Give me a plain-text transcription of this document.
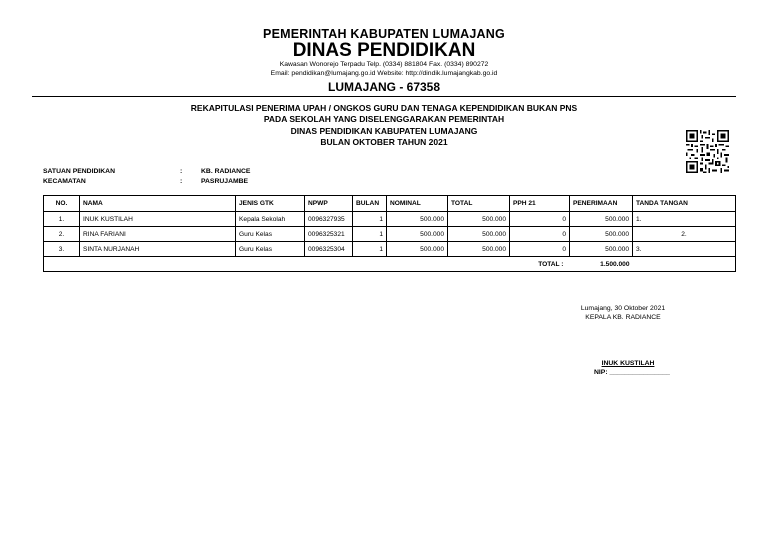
PEMERINTAH KABUPATEN LUMAJANG
DINAS PENDIDIKAN
Kawasan Wonorejo Terpadu Telp. (0334) 881804 Fax. (0334) 890272
Email: pendidikan@lumajang.go.id Website: http://dindik.lumajangkab.go.id
LUMAJANG - 67358
REKAPITULASI PENERIMA UPAH / ONGKOS GURU DAN TENAGA KEPENDIDIKAN BUKAN PNS
PADA SEKOLAH YANG DISELENGGARAKAN PEMERINTAH
DINAS PENDIDIKAN KABUPATEN LUMAJANG
BULAN OKTOBER TAHUN 2021
SATUAN PENDIDIKAN	:	KB. RADIANCE
KECAMATAN	:	PASRUJAMBE
NO.	NAMA	JENIS GTK	NPWP	BULAN	NOMINAL	TOTAL	PPH 21	PENERIMAAN	TANDA TANGAN
1.	INUK KUSTILAH	Kepala Sekolah	0096327935	1	500.000	500.000	0	500.000	1.
2.	RINA FARIANI	Guru Kelas	0096325321	1	500.000	500.000	0	500.000	2.
3.	SINTA NURJANAH	Guru Kelas	0096325304	1	500.000	500.000	0	500.000	3.
TOTAL :								1.500.000	
Lumajang, 30 Oktober 2021
KEPALA KB. RADIANCE
INUK KUSTILAH
NIP: ________________
